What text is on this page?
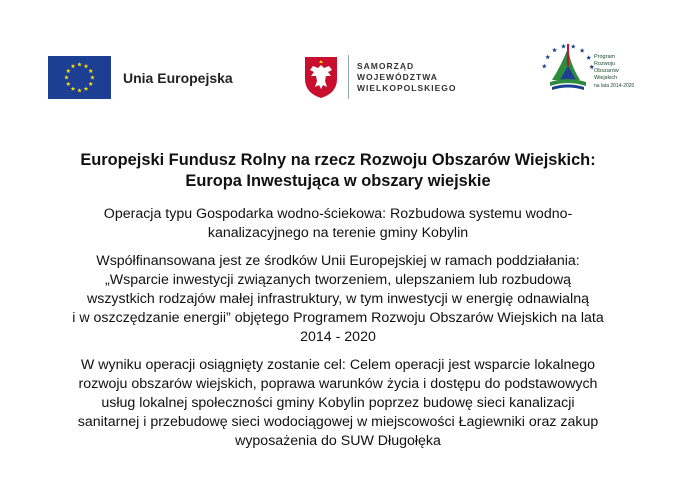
Unia Europejska
SAMORZĄD
WOJEWÓDZTWA
WIELKOPOLSKIEGO
Program
Rozwoju
Obszarów
Wiejskich
na lata 2014-2020
Europejski Fundusz Rolny na rzecz Rozwoju Obszarów Wiejskich:
Europa Inwestująca w obszary wiejskie
Operacja typu Gospodarka wodno-ściekowa: Rozbudowa systemu wodno-
kanalizacyjnego na terenie gminy Kobylin
Współfinansowana jest ze środków Unii Europejskiej w ramach poddziałania:
„Wsparcie inwestycji związanych tworzeniem, ulepszaniem lub rozbudową
wszystkich rodzajów małej infrastruktury, w tym inwestycji w energię odnawialną
i w oszczędzanie energii” objętego Programem Rozwoju Obszarów Wiejskich na lata
2014 - 2020
W wyniku operacji osiągnięty zostanie cel: Celem operacji jest wsparcie lokalnego
rozwoju obszarów wiejskich, poprawa warunków życia i dostępu do podstawowych
usług lokalnej społeczności gminy Kobylin poprzez budowę sieci kanalizacji
sanitarnej i przebudowę sieci wodociągowej w miejscowości Łagiewniki oraz zakup
wyposażenia do SUW Długołęka
